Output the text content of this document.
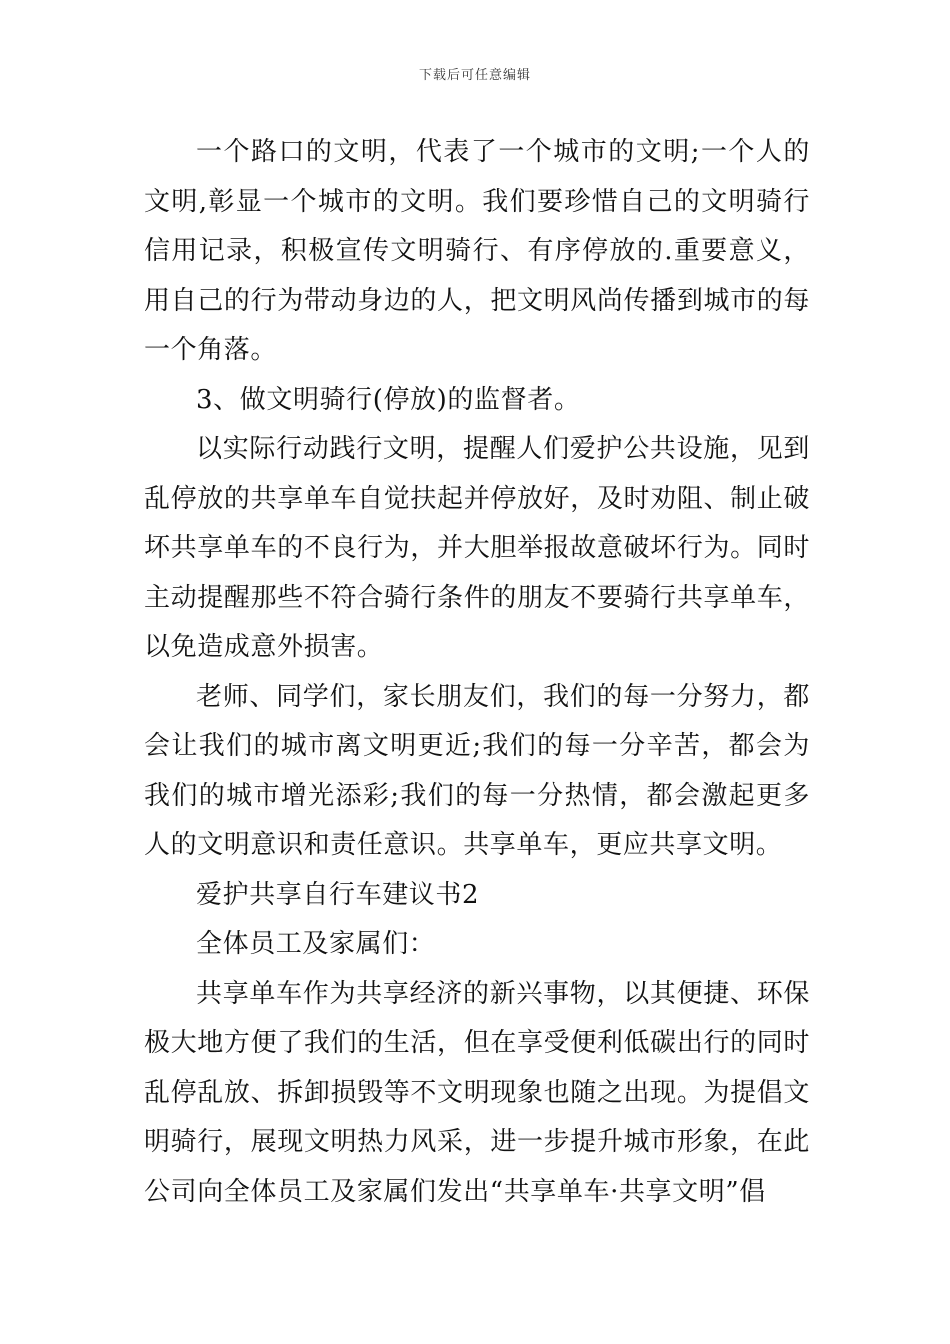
下载后可任意编辑

一个路口的文明，代表了一个城市的文明;一个人的文明,彰显一个城市的文明。我们要珍惜自己的文明骑行信用记录，积极宣传文明骑行、有序停放的.重要意义，用自己的行为带动身边的人，把文明风尚传播到城市的每一个角落。

3、做文明骑行(停放)的监督者。

以实际行动践行文明，提醒人们爱护公共设施，见到乱停放的共享单车自觉扶起并停放好，及时劝阻、制止破坏共享单车的不良行为，并大胆举报故意破坏行为。同时主动提醒那些不符合骑行条件的朋友不要骑行共享单车，以免造成意外损害。

老师、同学们，家长朋友们，我们的每一分努力，都会让我们的城市离文明更近;我们的每一分辛苦，都会为我们的城市增光添彩;我们的每一分热情，都会激起更多人的文明意识和责任意识。共享单车，更应共享文明。

爱护共享自行车建议书2

全体员工及家属们：

共享单车作为共享经济的新兴事物，以其便捷、环保极大地方便了我们的生活，但在享受便利低碳出行的同时乱停乱放、拆卸损毁等不文明现象也随之出现。为提倡文明骑行，展现文明热力风采，进一步提升城市形象，在此公司向全体员工及家属们发出“共享单车·共享文明”倡
